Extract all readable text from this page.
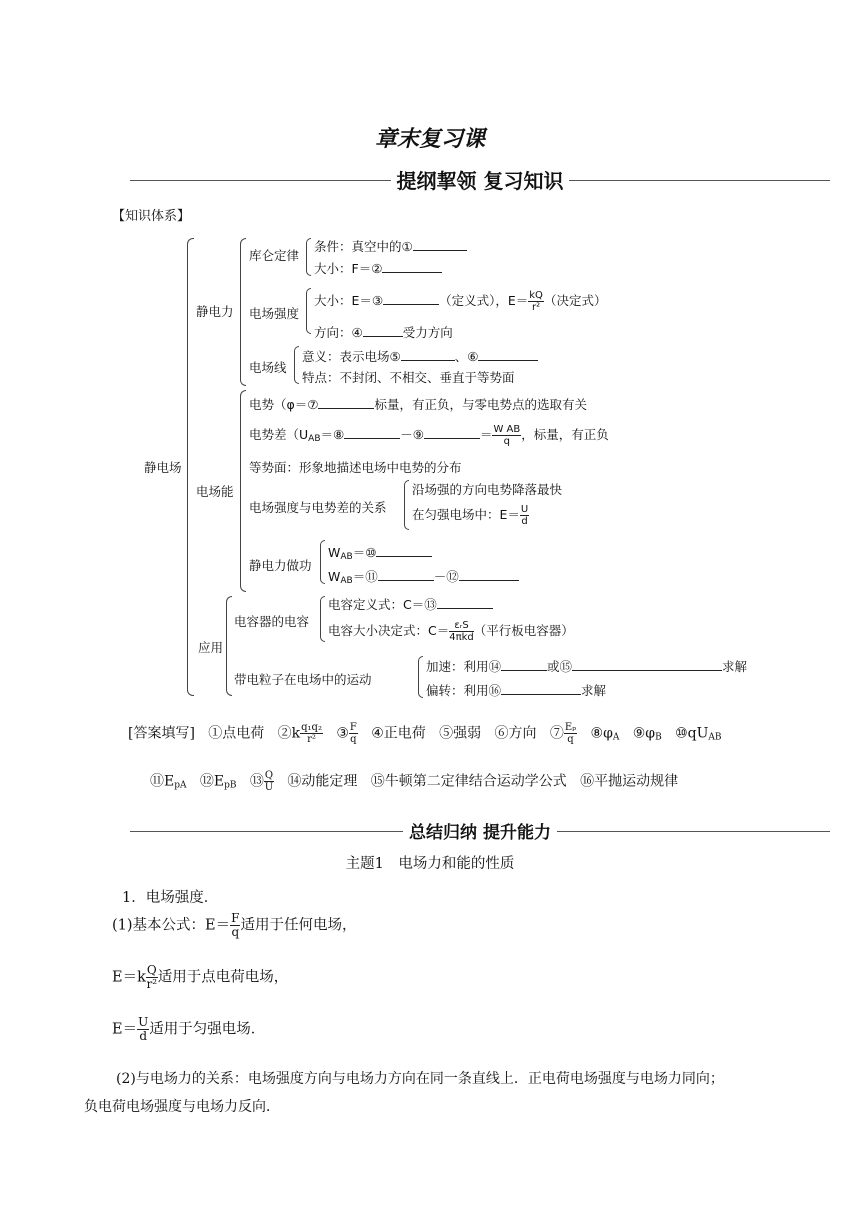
章末复习课
提纲挈领 复习知识
【知识体系】
静电场
静电力
电场能
应用
库仑定律
条件：真空中的①
大小：F＝②
电场强度
大小：E＝③	（定义式），$E= \frac{kQ}{\text{r²}}$ （决定式）
方向：④	受力方向
电场线
意义：表示电场⑤	、⑥
特点：不封闭、不相交、垂直于等势面
电势（φ＝⑦	标量，有正负，与零电势点的选取有关
电势差（$U_{AB}=⑧$	－⑨	＝ $\frac{\text{W AB}}{q}$ ，标量，有正负
等势面：形象地描述电场中电势的分布
电场强度与电势差的关系
沿场强的方向电势降落最快
在匀强电场中：$E= \frac{U}{d}$
静电力做功
$W_{AB}=⑩$
$W_{AB}=⑪$	－⑫
电容器的电容
电容定义式：C＝⑬
电容大小决定式：$C= \frac{\text{εᵣS}}{\text{4πkd}}$ （平行板电容器）
带电粒子在电场中的运动
加速：利用⑭	或⑮	求解
偏转：利用⑯	求解
[答案填写] ①点电荷 ②k $\frac{\text{q₁q₂}}{\text{r²}}$ ③ $\frac{F}{q}$ ④正电荷 ⑤强弱 ⑥方向 ⑦ $\frac{\text{Eₚ}}{q}$ $⑧\varphi_A$ $⑨\varphi_B$ $⑩qU_{AB}$
$⑪E_{pA}$ $⑫E_{pB}$ ⑬ $\frac{Q}{U}$ ⑭动能定理 ⑮牛顿第二定律结合运动学公式 ⑯平抛运动规律
总结归纳 提升能力
主题1　电场力和能的性质
1．电场强度．
(1)基本公式：$E= \frac{F}{q}$ 适用于任何电场，
$E=k \frac{Q}{\text{r²}}$ 适用于点电荷电场，
$E= \frac{U}{d}$ 适用于匀强电场．
(2)与电场力的关系：电场强度方向与电场力方向在同一条直线上．正电荷电场强度与电场力同向；
负电荷电场强度与电场力反向．
